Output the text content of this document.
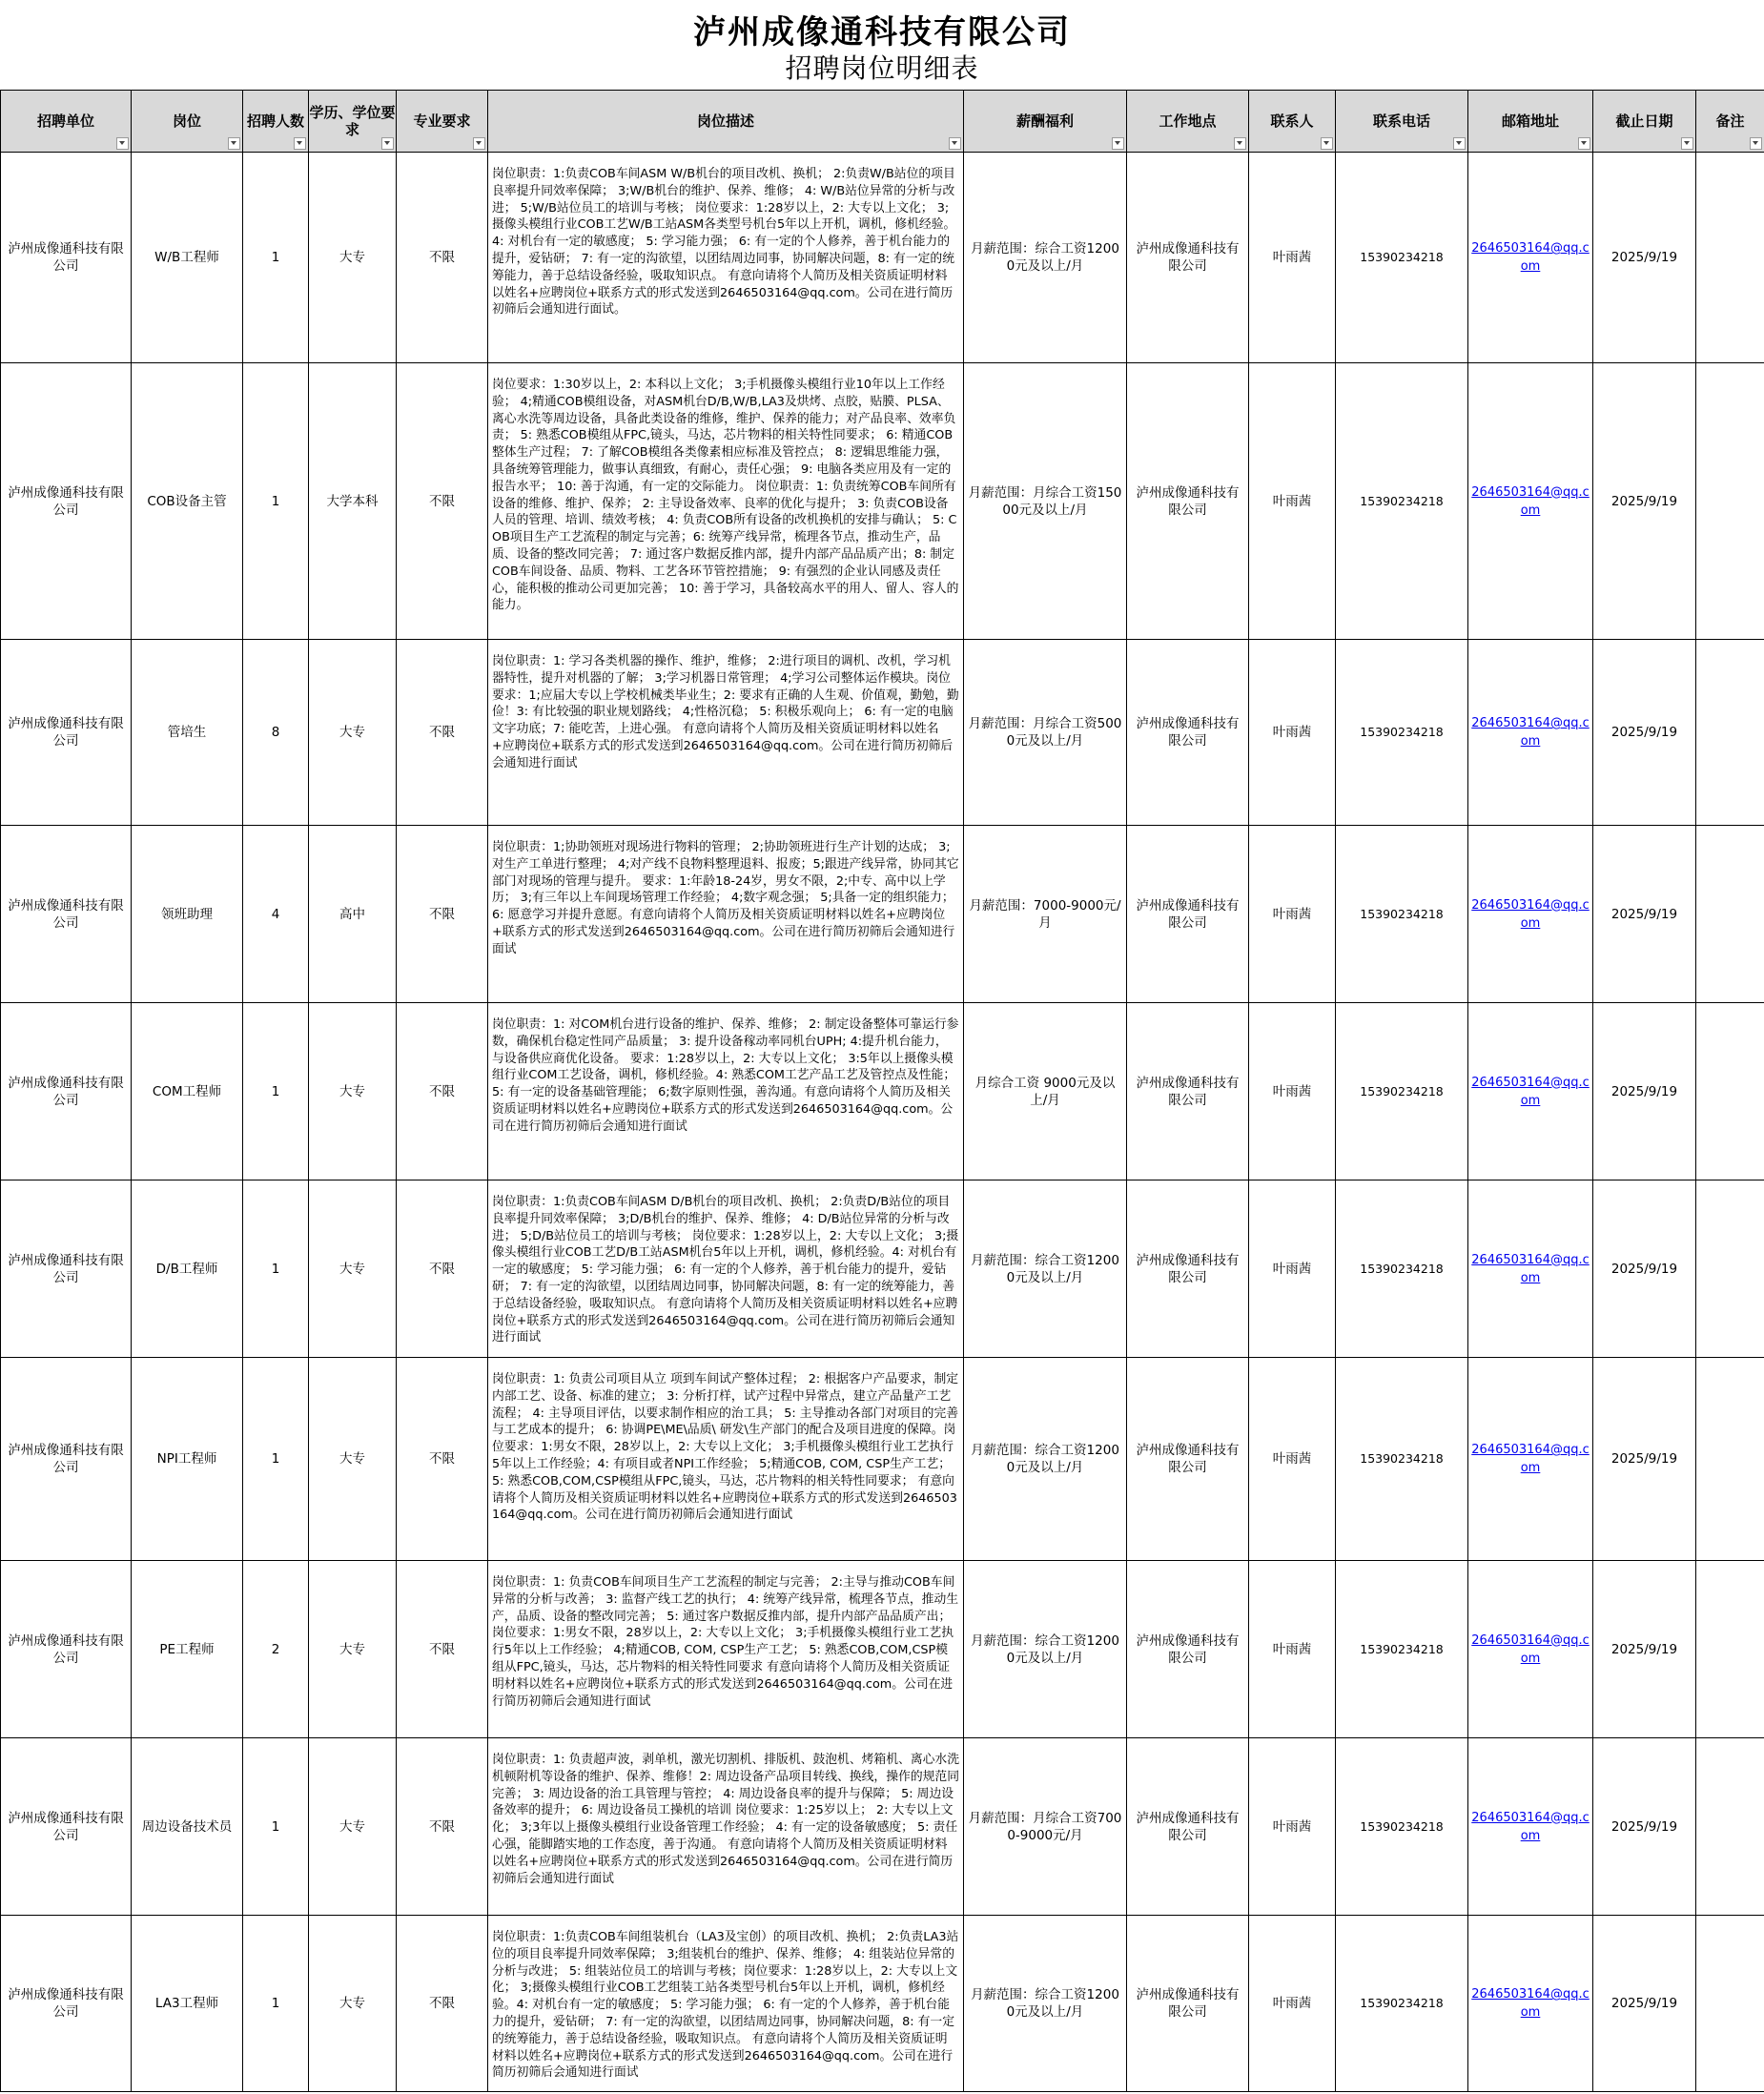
泸州成像通科技有限公司
招聘岗位明细表
招聘单位	岗位	招聘人数	学历、学位要求	专业要求	岗位描述	薪酬福利	工作地点	联系人	联系电话	邮箱地址	截止日期	备注

泸州成像通科技有限公司	W/B工程师	1	大专	不限	岗位职责：1:负责COB车间ASM W/B机台的项目改机、换机； 2:负责W/B站位的项目良率提升同效率保障； 3;W/B机台的维护、保养、维修； 4: W/B站位异常的分析与改进； 5;W/B站位员工的培训与考核； 岗位要求：1:28岁以上，2: 大专以上文化； 3;摄像头模组行业COB工艺W/B工站ASM各类型号机台5年以上开机，调机，修机经验。4: 对机台有一定的敏感度； 5: 学习能力强； 6: 有一定的个人修养，善于机台能力的提升，爱钻研； 7: 有一定的沟欲望，以团结周边同事，协同解决问题，8: 有一定的统筹能力，善于总结设备经验，吸取知识点。 有意向请将个人简历及相关资质证明材料以姓名+应聘岗位+联系方式的形式发送到2646503164@qq.com。公司在进行简历初筛后会通知进行面试。	月薪范围：综合工资12000元及以上/月	泸州成像通科技有限公司	叶雨茜	15390234218	2646503164@qq.com	2025/9/19	
泸州成像通科技有限公司	COB设备主管	1	大学本科	不限	岗位要求：1:30岁以上，2: 本科以上文化； 3;手机摄像头模组行业10年以上工作经验； 4;精通COB模组设备，对ASM机台D/B,W/B,LA3及烘烤、点胶，贴膜、PLSA、离心水洗等周边设备，具备此类设备的维修，维护、保养的能力；对产品良率、效率负责； 5: 熟悉COB模组从FPC,镜头，马达，芯片物料的相关特性同要求； 6: 精通COB整体生产过程； 7: 了解COB模组各类像素相应标准及管控点； 8: 逻辑思维能力强，具备统筹管理能力，做事认真细致，有耐心，责任心强； 9: 电脑各类应用及有一定的报告水平； 10: 善于沟通，有一定的交际能力。 岗位职责：1: 负责统筹COB车间所有设备的维修、维护、保养； 2: 主导设备效率、良率的优化与提升； 3: 负责COB设备人员的管理、培训、绩效考核； 4: 负责COB所有设备的改机换机的安排与确认； 5: COB项目生产工艺流程的制定与完善；6: 统筹产线异常，梳理各节点，推动生产，品质、设备的整改同完善； 7: 通过客户数据反推内部，提升内部产品品质产出；8: 制定COB车间设备、品质、物料、工艺各环节管控措施； 9: 有强烈的企业认同感及责任心，能积极的推动公司更加完善； 10: 善于学习，具备较高水平的用人、留人、容人的能力。	月薪范围：月综合工资15000元及以上/月	泸州成像通科技有限公司	叶雨茜	15390234218	2646503164@qq.com	2025/9/19	
泸州成像通科技有限公司	管培生	8	大专	不限	岗位职责：1: 学习各类机器的操作、维护，维修； 2:进行项目的调机、改机，学习机器特性，提升对机器的了解； 3;学习机器日常管理； 4;学习公司整体运作模块。岗位要求：1;应届大专以上学校机械类毕业生；2: 要求有正确的人生观、价值观，勤勉，勤俭！3: 有比较强的职业规划路线； 4;性格沉稳； 5: 积极乐观向上； 6: 有一定的电脑文字功底；7: 能吃苦，上进心强。 有意向请将个人简历及相关资质证明材料以姓名+应聘岗位+联系方式的形式发送到2646503164@qq.com。公司在进行简历初筛后会通知进行面试	月薪范围：月综合工资5000元及以上/月	泸州成像通科技有限公司	叶雨茜	15390234218	2646503164@qq.com	2025/9/19	
泸州成像通科技有限公司	领班助理	4	高中	不限	岗位职责：1;协助领班对现场进行物料的管理； 2;协助领班进行生产计划的达成； 3;对生产工单进行整理； 4;对产线不良物料整理退料、报废；5;跟进产线异常，协同其它部门对现场的管理与提升。 要求：1:年龄18-24岁，男女不限，2;中专、高中以上学历； 3;有三年以上车间现场管理工作经验； 4;数字观念强； 5;具备一定的组织能力；6: 愿意学习并提升意愿。有意向请将个人简历及相关资质证明材料以姓名+应聘岗位+联系方式的形式发送到2646503164@qq.com。公司在进行简历初筛后会通知进行面试	月薪范围：7000-9000元/月	泸州成像通科技有限公司	叶雨茜	15390234218	2646503164@qq.com	2025/9/19	
泸州成像通科技有限公司	COM工程师	1	大专	不限	岗位职责：1: 对COM机台进行设备的维护、保养、维修； 2: 制定设备整体可靠运行参数，确保机台稳定性同产品质量； 3: 提升设备稼动率同机台UPH; 4:提升机台能力，与设备供应商优化设备。 要求：1:28岁以上，2: 大专以上文化； 3:5年以上摄像头模组行业COM工艺设备，调机，修机经验。4: 熟悉COM工艺产品工艺及管控点及性能；5: 有一定的设备基础管理能； 6;数字原则性强，善沟通。有意向请将个人简历及相关资质证明材料以姓名+应聘岗位+联系方式的形式发送到2646503164@qq.com。公司在进行简历初筛后会通知进行面试	月综合工资 9000元及以上/月	泸州成像通科技有限公司	叶雨茜	15390234218	2646503164@qq.com	2025/9/19	
泸州成像通科技有限公司	D/B工程师	1	大专	不限	岗位职责：1:负责COB车间ASM D/B机台的项目改机、换机； 2:负责D/B站位的项目良率提升同效率保障； 3;D/B机台的维护、保养、维修； 4: D/B站位异常的分析与改进； 5;D/B站位员工的培训与考核； 岗位要求：1:28岁以上，2: 大专以上文化； 3;摄像头模组行业COB工艺D/B工站ASM机台5年以上开机，调机，修机经验。4: 对机台有一定的敏感度； 5: 学习能力强； 6: 有一定的个人修养，善于机台能力的提升，爱钻研； 7: 有一定的沟欲望，以团结周边同事，协同解决问题，8: 有一定的统筹能力，善于总结设备经验，吸取知识点。 有意向请将个人简历及相关资质证明材料以姓名+应聘岗位+联系方式的形式发送到2646503164@qq.com。公司在进行简历初筛后会通知进行面试	月薪范围：综合工资12000元及以上/月	泸州成像通科技有限公司	叶雨茜	15390234218	2646503164@qq.com	2025/9/19	
泸州成像通科技有限公司	NPI工程师	1	大专	不限	岗位职责：1: 负责公司项目从立 项到车间试产整体过程； 2: 根据客户产品要求，制定内部工艺、设备、标准的建立； 3: 分析打样，试产过程中异常点，建立产品量产工艺流程； 4: 主导项目评估，以要求制作相应的治工具； 5: 主导推动各部门对项目的完善与工艺成本的提升； 6: 协调PE\ME\品质\ 研发\生产部门的配合及项目进度的保障。岗位要求：1:男女不限，28岁以上，2: 大专以上文化； 3;手机摄像头模组行业工艺执行5年以上工作经验；4: 有项目或者NPI工作经验； 5;精通COB, COM, CSP生产工艺； 5: 熟悉COB,COM,CSP模组从FPC,镜头，马达，芯片物料的相关特性同要求； 有意向请将个人简历及相关资质证明材料以姓名+应聘岗位+联系方式的形式发送到2646503164@qq.com。公司在进行简历初筛后会通知进行面试	月薪范围：综合工资12000元及以上/月	泸州成像通科技有限公司	叶雨茜	15390234218	2646503164@qq.com	2025/9/19	
泸州成像通科技有限公司	PE工程师	2	大专	不限	岗位职责：1: 负责COB车间项目生产工艺流程的制定与完善； 2:主导与推动COB车间异常的分析与改善； 3: 监督产线工艺的执行； 4: 统筹产线异常，梳理各节点，推动生产，品质、设备的整改同完善； 5: 通过客户数据反推内部，提升内部产品品质产出； 岗位要求：1:男女不限，28岁以上，2: 大专以上文化； 3;手机摄像头模组行业工艺执行5年以上工作经验； 4;精通COB, COM, CSP生产工艺； 5: 熟悉COB,COM,CSP模组从FPC,镜头，马达，芯片物料的相关特性同要求 有意向请将个人简历及相关资质证明材料以姓名+应聘岗位+联系方式的形式发送到2646503164@qq.com。公司在进行简历初筛后会通知进行面试	月薪范围：综合工资12000元及以上/月	泸州成像通科技有限公司	叶雨茜	15390234218	2646503164@qq.com	2025/9/19	
泸州成像通科技有限公司	周边设备技术员	1	大专	不限	岗位职责：1: 负责超声波，剥单机，激光切割机、排版机、鼓泡机、烤箱机、离心水洗机顿附机等设备的维护、保养、维修！2: 周边设备产品项目转线、换线，操作的规范同完善； 3: 周边设备的治工具管理与管控； 4: 周边设备良率的提升与保障； 5: 周边设备效率的提升； 6: 周边设备员工操机的培训 岗位要求：1:25岁以上； 2: 大专以上文化； 3;3年以上摄像头模组行业设备管理工作经验； 4: 有一定的设备敏感度； 5: 责任心强，能脚踏实地的工作态度，善于沟通。 有意向请将个人简历及相关资质证明材料以姓名+应聘岗位+联系方式的形式发送到2646503164@qq.com。公司在进行简历初筛后会通知进行面试	月薪范围：月综合工资7000-9000元/月	泸州成像通科技有限公司	叶雨茜	15390234218	2646503164@qq.com	2025/9/19	
泸州成像通科技有限公司	LA3工程师	1	大专	不限	岗位职责：1:负责COB车间组装机台（LA3及宝创）的项目改机、换机； 2:负责LA3站位的项目良率提升同效率保障； 3;组装机台的维护、保养、维修； 4: 组装站位异常的分析与改进； 5: 组装站位员工的培训与考核；岗位要求：1:28岁以上，2: 大专以上文化； 3;摄像头模组行业COB工艺组装工站各类型号机台5年以上开机，调机，修机经验。4: 对机台有一定的敏感度； 5: 学习能力强； 6: 有一定的个人修养，善于机台能力的提升，爱钻研； 7: 有一定的沟欲望，以团结周边同事，协同解决问题，8: 有一定的统筹能力，善于总结设备经验，吸取知识点。 有意向请将个人简历及相关资质证明材料以姓名+应聘岗位+联系方式的形式发送到2646503164@qq.com。公司在进行简历初筛后会通知进行面试	月薪范围：综合工资12000元及以上/月	泸州成像通科技有限公司	叶雨茜	15390234218	2646503164@qq.com	2025/9/19	
